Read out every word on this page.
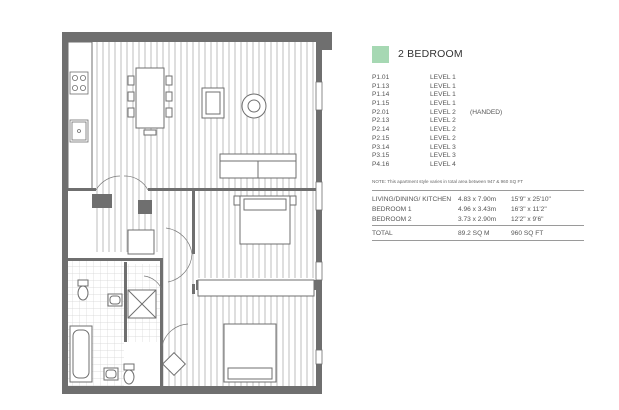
2 BEDROOM
P1.01	LEVEL 1
P1.13	LEVEL 1
P1.14	LEVEL 1
P1.15	LEVEL 1
P2.01	LEVEL 2	(HANDED)
P2.13	LEVEL 2
P2.14	LEVEL 2
P2.15	LEVEL 2
P3.14	LEVEL 3
P3.15	LEVEL 3
P4.16	LEVEL 4
NOTE: This apartment style varies in total area between 947 & 960 SQ FT
LIVING/DINING/ KITCHEN	4.83 x 7.90m	15'9" x 25'10"
BEDROOM 1	4.96 x 3.43m	16'3" x 11'2"
BEDROOM 2	3.73 x 2.90m	12'2" x 9'6"
TOTAL	89.2 SQ M	960 SQ FT
